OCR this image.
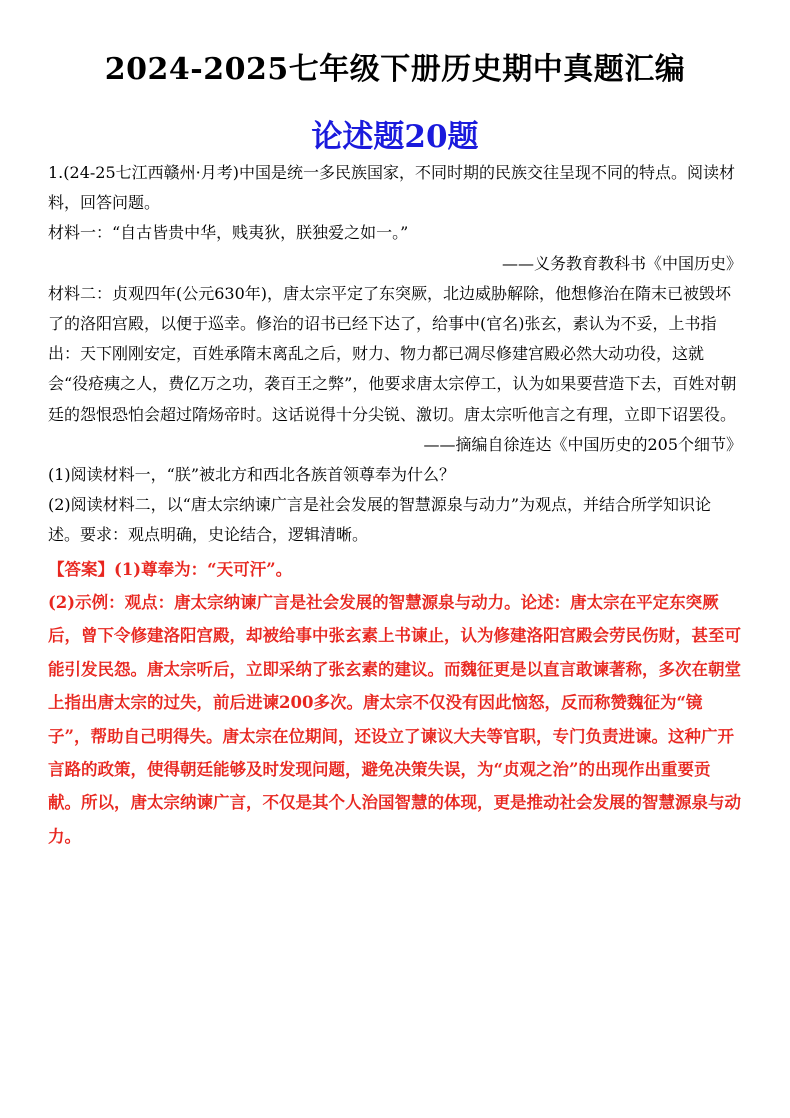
2024-2025七年级下册历史期中真题汇编
论述题20题

1.(24-25七江西赣州·月考)中国是统一多民族国家，不同时期的民族交往呈现不同的特点。阅读材料，回答问题。

材料一：“自古皆贵中华，贱夷狄，朕独爱之如一。”

——义务教育教科书《中国历史》

材料二：贞观四年(公元630年)，唐太宗平定了东突厥，北边威胁解除，他想修治在隋末已被毁坏了的洛阳宫殿，以便于巡幸。修治的诏书已经下达了，给事中(官名)张玄，素认为不妥，上书指出：天下刚刚安定，百姓承隋末离乱之后，财力、物力都已凋尽修建宫殿必然大动功役，这就会“役疮痍之人，费亿万之功，袭百王之弊”，他要求唐太宗停工，认为如果要营造下去，百姓对朝廷的怨恨恐怕会超过隋炀帝时。这话说得十分尖锐、激切。唐太宗听他言之有理，立即下诏罢役。

——摘编自徐连达《中国历史的205个细节》

(1)阅读材料一，“朕”被北方和西北各族首领尊奉为什么？

(2)阅读材料二，以“唐太宗纳谏广言是社会发展的智慧源泉与动力”为观点，并结合所学知识论述。要求：观点明确，史论结合，逻辑清晰。

【答案】(1)尊奉为：“天可汗”。

(2)示例：观点：唐太宗纳谏广言是社会发展的智慧源泉与动力。论述：唐太宗在平定东突厥后，曾下令修建洛阳宫殿，却被给事中张玄素上书谏止，认为修建洛阳宫殿会劳民伤财，甚至可能引发民怨。唐太宗听后，立即采纳了张玄素的建议。而魏征更是以直言敢谏著称，多次在朝堂上指出唐太宗的过失，前后进谏200多次。唐太宗不仅没有因此恼怒，反而称赞魏征为“镜子”，帮助自己明得失。唐太宗在位期间，还设立了谏议大夫等官职，专门负责进谏。这种广开言路的政策，使得朝廷能够及时发现问题，避免决策失误，为“贞观之治”的出现作出重要贡献。所以，唐太宗纳谏广言，不仅是其个人治国智慧的体现，更是推动社会发展的智慧源泉与动力。
